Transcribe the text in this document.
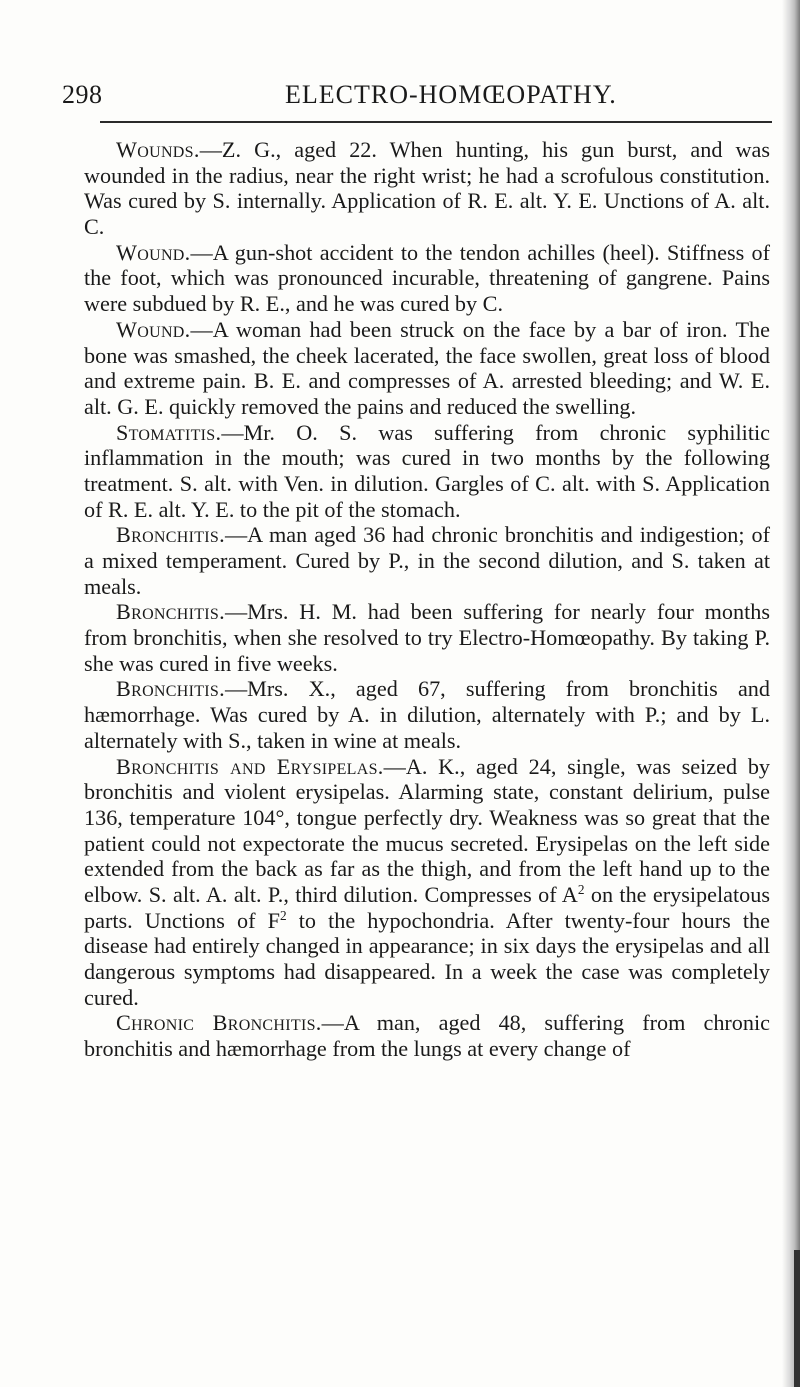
298	ELECTRO-HOMŒOPATHY.

Wounds.—Z. G., aged 22. When hunting, his gun burst, and was wounded in the radius, near the right wrist; he had a scrofulous constitution. Was cured by S. internally. Application of R. E. alt. Y. E. Unctions of A. alt. C.

Wound.—A gun-shot accident to the tendon achilles (heel). Stiffness of the foot, which was pronounced incurable, threatening of gangrene. Pains were subdued by R. E., and he was cured by C.

Wound.—A woman had been struck on the face by a bar of iron. The bone was smashed, the cheek lacerated, the face swollen, great loss of blood and extreme pain. B. E. and compresses of A. arrested bleeding; and W. E. alt. G. E. quickly removed the pains and reduced the swelling.

Stomatitis.—Mr. O. S. was suffering from chronic syphilitic inflammation in the mouth; was cured in two months by the following treatment. S. alt. with Ven. in dilution. Gargles of C. alt. with S. Application of R. E. alt. Y. E. to the pit of the stomach.

Bronchitis.—A man aged 36 had chronic bronchitis and indigestion; of a mixed temperament. Cured by P., in the second dilution, and S. taken at meals.

Bronchitis.—Mrs. H. M. had been suffering for nearly four months from bronchitis, when she resolved to try Electro-Homœopathy. By taking P. she was cured in five weeks.

Bronchitis.—Mrs. X., aged 67, suffering from bronchitis and hæmorrhage. Was cured by A. in dilution, alternately with P.; and by L. alternately with S., taken in wine at meals.

Bronchitis and Erysipelas.—A. K., aged 24, single, was seized by bronchitis and violent erysipelas. Alarming state, constant delirium, pulse 136, temperature 104°, tongue perfectly dry. Weakness was so great that the patient could not expectorate the mucus secreted. Erysipelas on the left side extended from the back as far as the thigh, and from the left hand up to the elbow. S. alt. A. alt. P., third dilution. Compresses of $A^2$ on the erysipelatous parts. Unctions of $F^2$ to the hypochondria. After twenty-four hours the disease had entirely changed in appearance; in six days the erysipelas and all dangerous symptoms had disappeared. In a week the case was completely cured.

Chronic Bronchitis.—A man, aged 48, suffering from chronic bronchitis and hæmorrhage from the lungs at every change of
